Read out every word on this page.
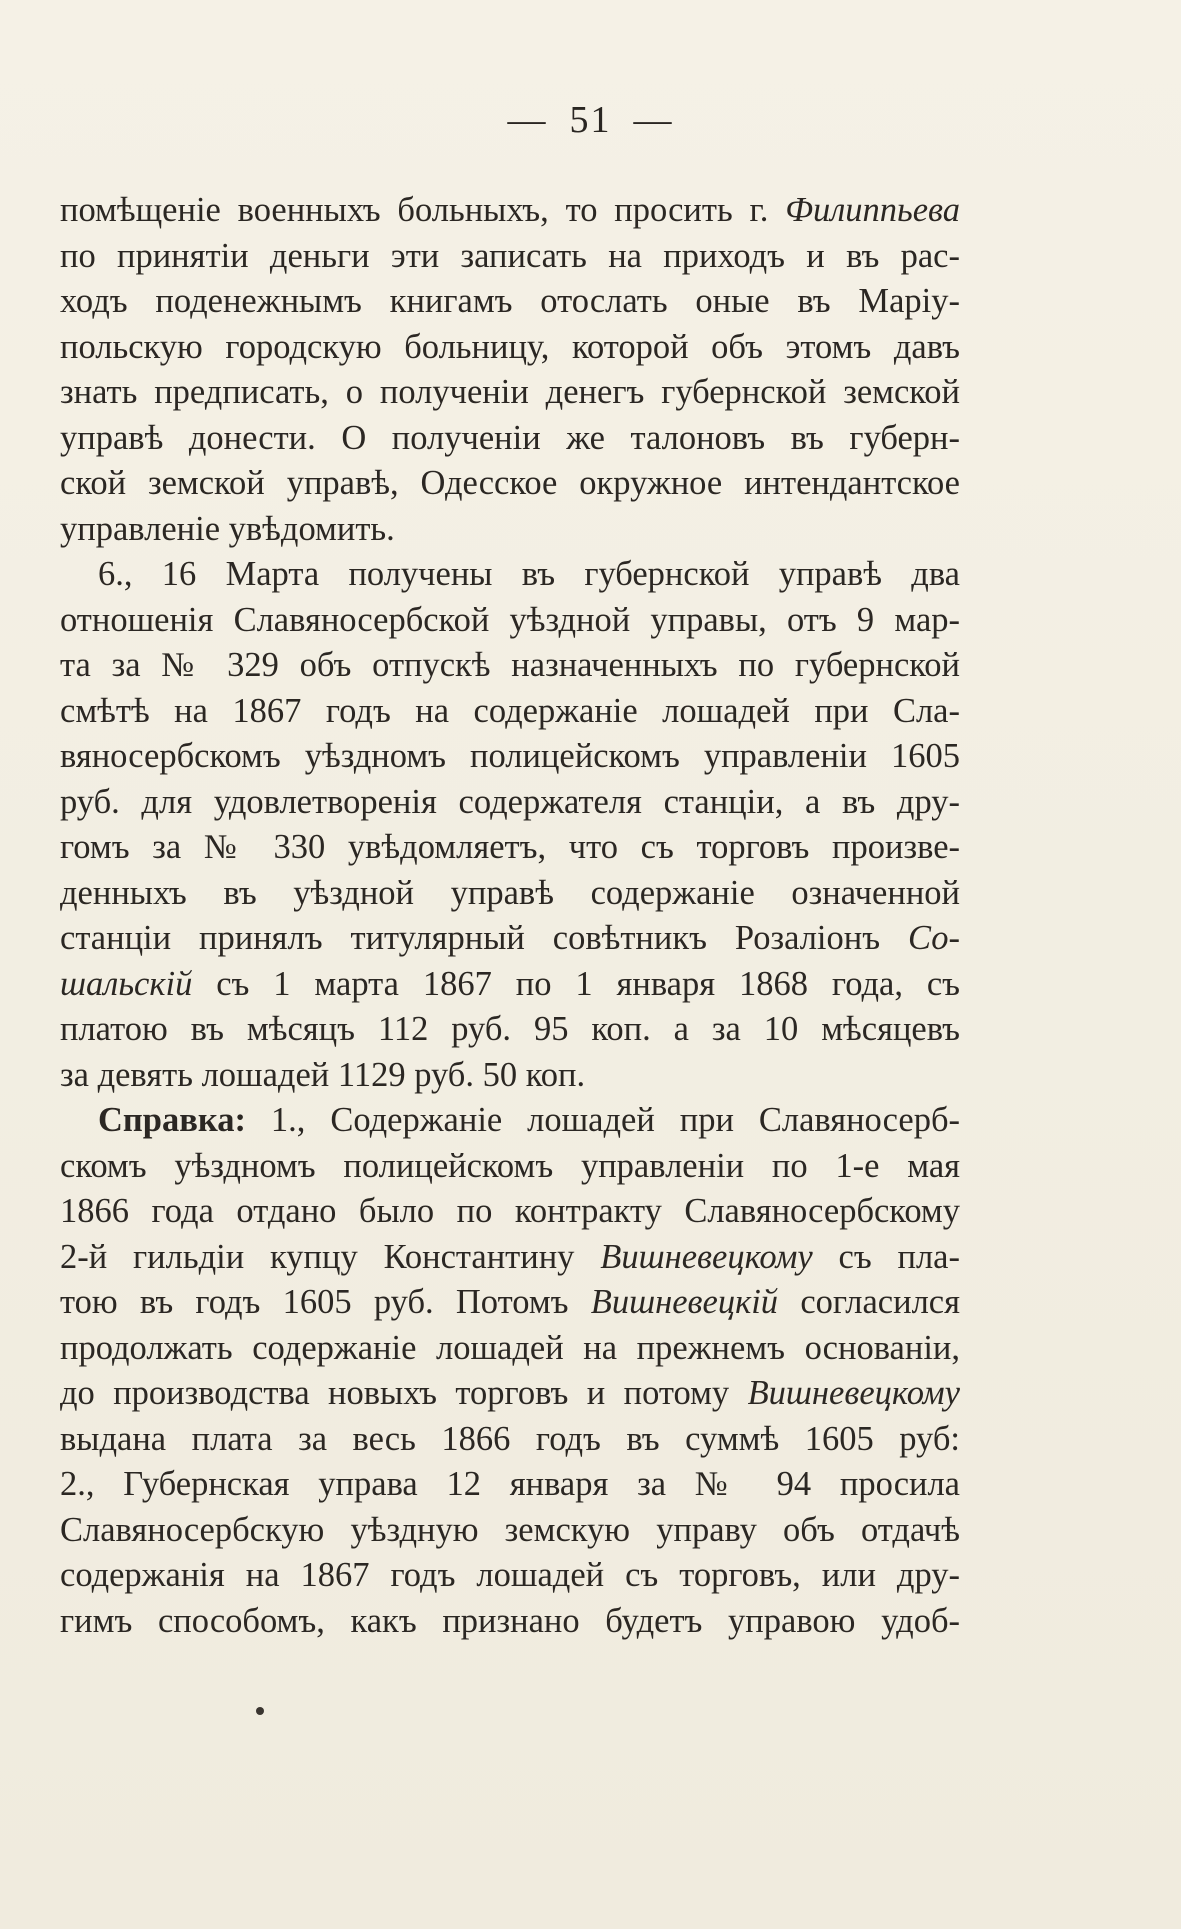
— 51 —
помѣщеніе военныхъ больныхъ, то просить г. Филиппьева
по принятіи деньги эти записать на приходъ и въ рас-
ходъ поденежнымъ книгамъ отослать оные въ Маріу-
польскую городскую больницу, которой объ этомъ давъ
знать предписать, о полученіи денегъ губернской земской
управѣ донести. О полученіи же талоновъ въ губерн-
ской земской управѣ, Одесское окружное интендантское
управленіе увѣдомить.
6., 16 Марта получены въ губернской управѣ два
отношенія Славяносербской уѣздной управы, отъ 9 мар-
та за № 329 объ отпускѣ назначенныхъ по губернской
смѣтѣ на 1867 годъ на содержаніе лошадей при Сла-
вяносербскомъ уѣздномъ полицейскомъ управленіи 1605
руб. для удовлетворенія содержателя станціи, а въ дру-
гомъ за № 330 увѣдомляетъ, что съ торговъ произве-
денныхъ въ уѣздной управѣ содержаніе означенной
станціи принялъ титулярный совѣтникъ Розаліонъ Со-
шальскій съ 1 марта 1867 по 1 января 1868 года, съ
платою въ мѣсяцъ 112 руб. 95 коп. а за 10 мѣсяцевъ
за девять лошадей 1129 руб. 50 коп.
Справка: 1., Содержаніе лошадей при Славяносерб-
скомъ уѣздномъ полицейскомъ управленіи по 1-е мая
1866 года отдано было по контракту Славяносербскому
2-й гильдіи купцу Константину Вишневецкому съ пла-
тою въ годъ 1605 руб. Потомъ Вишневецкій согласился
продолжать содержаніе лошадей на прежнемъ основаніи,
до производства новыхъ торговъ и потому Вишневецкому
выдана плата за весь 1866 годъ въ суммѣ 1605 руб:
2., Губернская управа 12 января за № 94 просила
Славяносербскую уѣздную земскую управу объ отдачѣ
содержанія на 1867 годъ лошадей съ торговъ, или дру-
гимъ способомъ, какъ признано будетъ управою удоб-
